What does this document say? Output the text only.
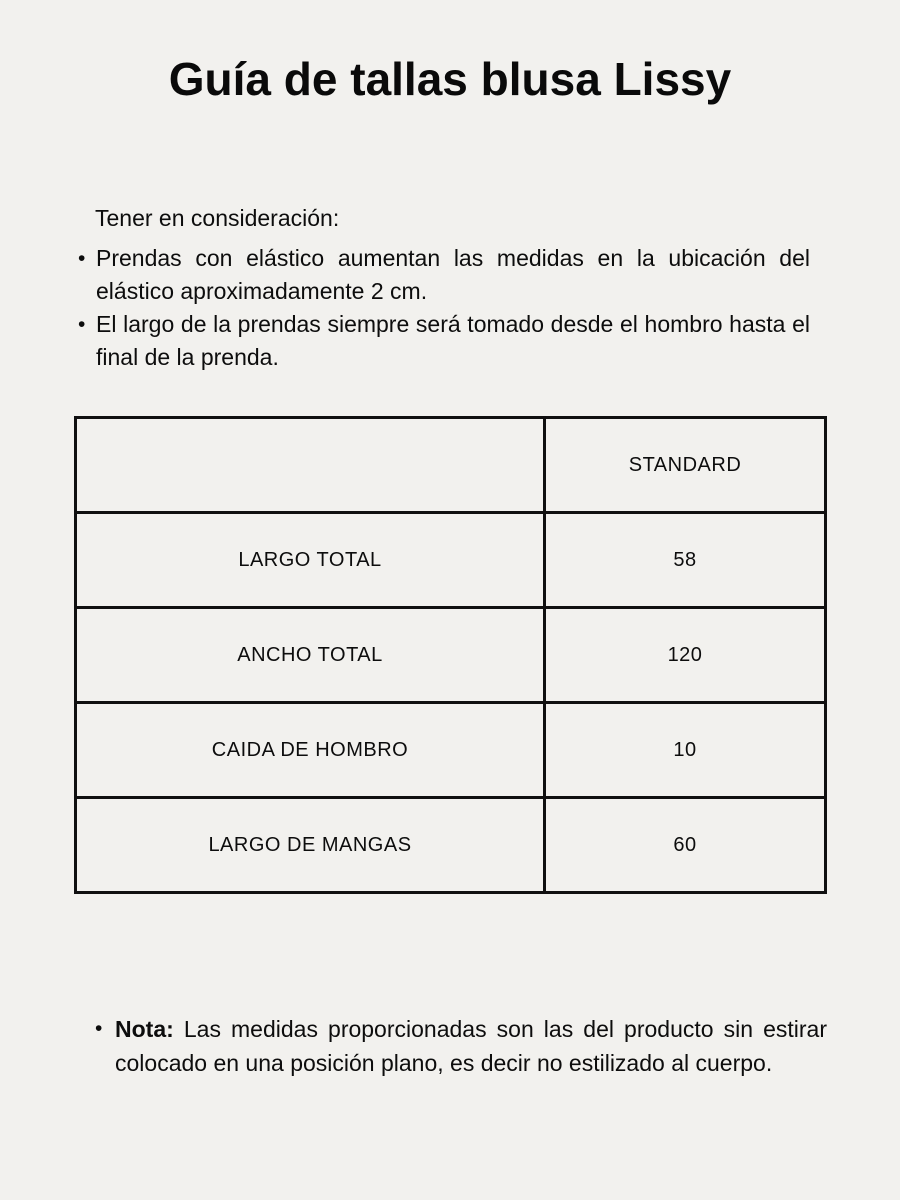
Guía de tallas blusa Lissy
Tener en consideración:
• Prendas con elástico aumentan las medidas en la ubicación del elástico aproximadamente 2 cm.
• El largo de la prendas siempre será tomado desde el hombro hasta el final de la prenda.
	STANDARD
LARGO TOTAL	58
ANCHO TOTAL	120
CAIDA DE HOMBRO	10
LARGO DE MANGAS	60
• Nota: Las medidas proporcionadas son las del producto sin estirar colocado en una posición plano, es decir no estilizado al cuerpo.
